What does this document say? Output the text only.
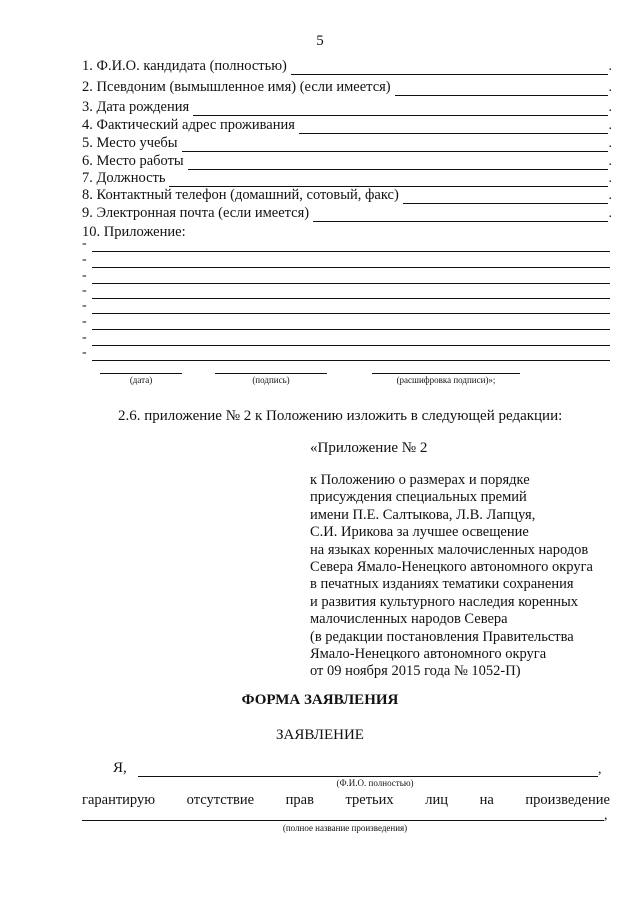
5
1. Ф.И.О. кандидата (полностью)	.
2. Псевдоним (вымышленное имя) (если имеется)	.
3. Дата рождения	.
4. Фактический адрес проживания	.
5. Место учебы	.
6. Место работы	.
7. Должность	.
8. Контактный телефон (домашний, сотовый, факс)	.
9. Электронная почта (если имеется)	.
10. Приложение:
-
-
-
-
-
-
-
-
(дата)	(подпись)	(расшифровка подписи)»;
2.6. приложение № 2 к Положению изложить в следующей редакции:
«Приложение № 2
к Положению о размерах и порядке
присуждения специальных премий
имени П.Е. Салтыкова, Л.В. Лапцуя,
С.И. Ирикова за лучшее освещение
на языках коренных малочисленных народов
Севера Ямало-Ненецкого автономного округа
в печатных изданиях тематики сохранения
и развития культурного наследия коренных
малочисленных народов Севера
(в редакции постановления Правительства
Ямало-Ненецкого автономного округа
от 09 ноября 2015 года № 1052-П)
ФОРМА ЗАЯВЛЕНИЯ
ЗАЯВЛЕНИЕ
Я,	,
(Ф.И.О. полностью)
гарантирую отсутствие прав третьих лиц на произведение
,
(полное название произведения)
